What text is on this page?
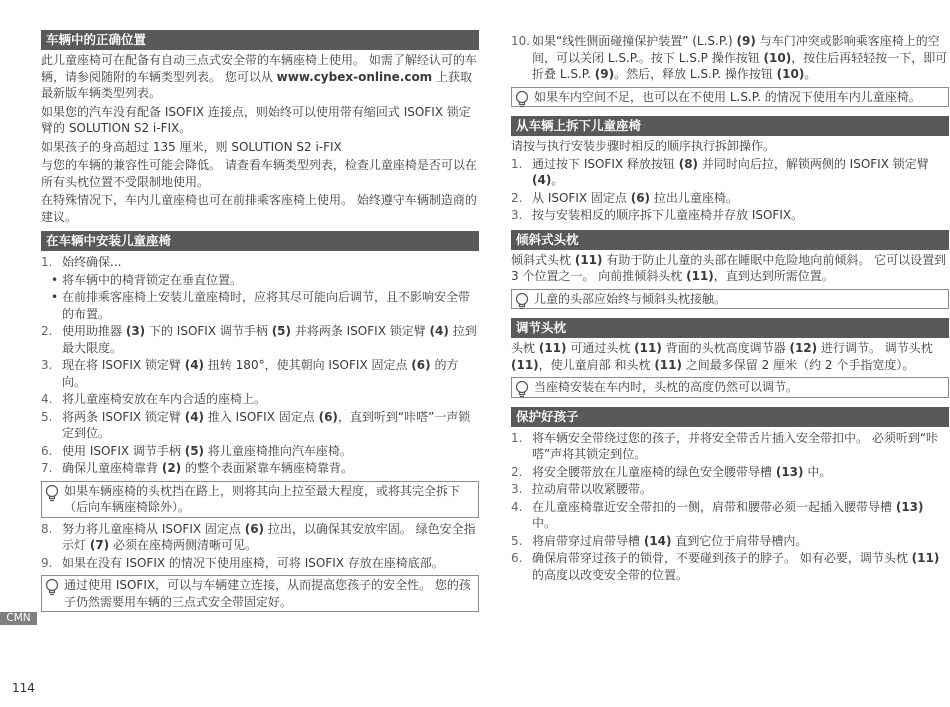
车辆中的正确位置

此儿童座椅可在配备有自动三点式安全带的车辆座椅上使用。 如需了解经认可的车辆，请参阅随附的车辆类型列表。 您可以从 www.cybex-online.com 上获取最新版车辆类型列表。

如果您的汽车没有配备 ISOFIX 连接点，则始终可以使用带有缩回式 ISOFIX 锁定臂的 SOLUTION S2 i-FIX。

如果孩子的身高超过 135 厘米，则 SOLUTION S2 i-FIX

与您的车辆的兼容性可能会降低。 请查看车辆类型列表，检查儿童座椅是否可以在所有头枕位置不受限制地使用。

在特殊情况下，车内儿童座椅也可在前排乘客座椅上使用。 始终遵守车辆制造商的建议。

在车辆中安装儿童座椅
1. 始终确保...
• 将车辆中的椅背锁定在垂直位置。
• 在前排乘客座椅上安装儿童座椅时，应将其尽可能向后调节，且不影响安全带的布置。
2. 使用助推器 (3) 下的 ISOFIX 调节手柄 (5) 并将两条 ISOFIX 锁定臂 (4) 拉到最大限度。
3. 现在将 ISOFIX 锁定臂 (4) 扭转 180°，使其朝向 ISOFIX 固定点 (6) 的方向。
4. 将儿童座椅安放在车内合适的座椅上。
5. 将两条 ISOFIX 锁定臂 (4) 推入 ISOFIX 固定点 (6)，直到听到“咔嗒”一声锁定到位。
6. 使用 ISOFIX 调节手柄 (5) 将儿童座椅推向汽车座椅。
7. 确保儿童座椅靠背 (2) 的整个表面紧靠车辆座椅靠背。
如果车辆座椅的头枕挡在路上，则将其向上拉至最大程度，或将其完全拆下（后向车辆座椅除外）。
8. 努力将儿童座椅从 ISOFIX 固定点 (6) 拉出，以确保其安放牢固。 绿色安全指示灯 (7) 必须在座椅两侧清晰可见。
9. 如果在没有 ISOFIX 的情况下使用座椅，可将 ISOFIX 存放在座椅底部。
通过使用 ISOFIX，可以与车辆建立连接，从而提高您孩子的安全性。 您的孩子仍然需要用车辆的三点式安全带固定好。
10. 如果“线性侧面碰撞保护装置” (L.S.P.) (9) 与车门冲突或影响乘客座椅上的空间，可以关闭 L.S.P.。按下 L.S.P 操作按钮 (10)，按住后再轻轻按一下，即可折叠 L.S.P. (9)。然后，释放 L.S.P. 操作按钮 (10)。
如果车内空间不足，也可以在不使用 L.S.P. 的情况下使用车内儿童座椅。
从车辆上拆下儿童座椅

请按与执行安装步骤时相反的顺序执行拆卸操作。

1. 通过按下 ISOFIX 释放按钮 (8) 并同时向后拉，解锁两侧的 ISOFIX 锁定臂 (4)。
2. 从 ISOFIX 固定点 (6) 拉出儿童座椅。
3. 按与安装相反的顺序拆下儿童座椅并存放 ISOFIX。
倾斜式头枕

倾斜式头枕 (11) 有助于防止儿童的头部在睡眠中危险地向前倾斜。 它可以设置到 3 个位置之一。 向前推倾斜头枕 (11)，直到达到所需位置。

儿童的头部应始终与倾斜头枕接触。
调节头枕

头枕 (11) 可通过头枕 (11) 背面的头枕高度调节器 (12) 进行调节。 调节头枕 (11)，使儿童肩部 和头枕 (11) 之间最多保留 2 厘米（约 2 个手指宽度）。

当座椅安装在车内时，头枕的高度仍然可以调节。
保护好孩子
1. 将车辆安全带绕过您的孩子，并将安全带舌片插入安全带扣中。 必须听到“咔嗒”声将其锁定到位。
2. 将安全腰带放在儿童座椅的绿色安全腰带导槽 (13) 中。
3. 拉动肩带以收紧腰带。
4. 在儿童座椅靠近安全带扣的一侧，肩带和腰带必须一起插入腰带导槽 (13) 中。
5. 将肩带穿过肩带导槽 (14) 直到它位于肩带导槽内。
6. 确保肩带穿过孩子的锁骨，不要碰到孩子的脖子。 如有必要，调节头枕 (11) 的高度以改变安全带的位置。
CMN
114
